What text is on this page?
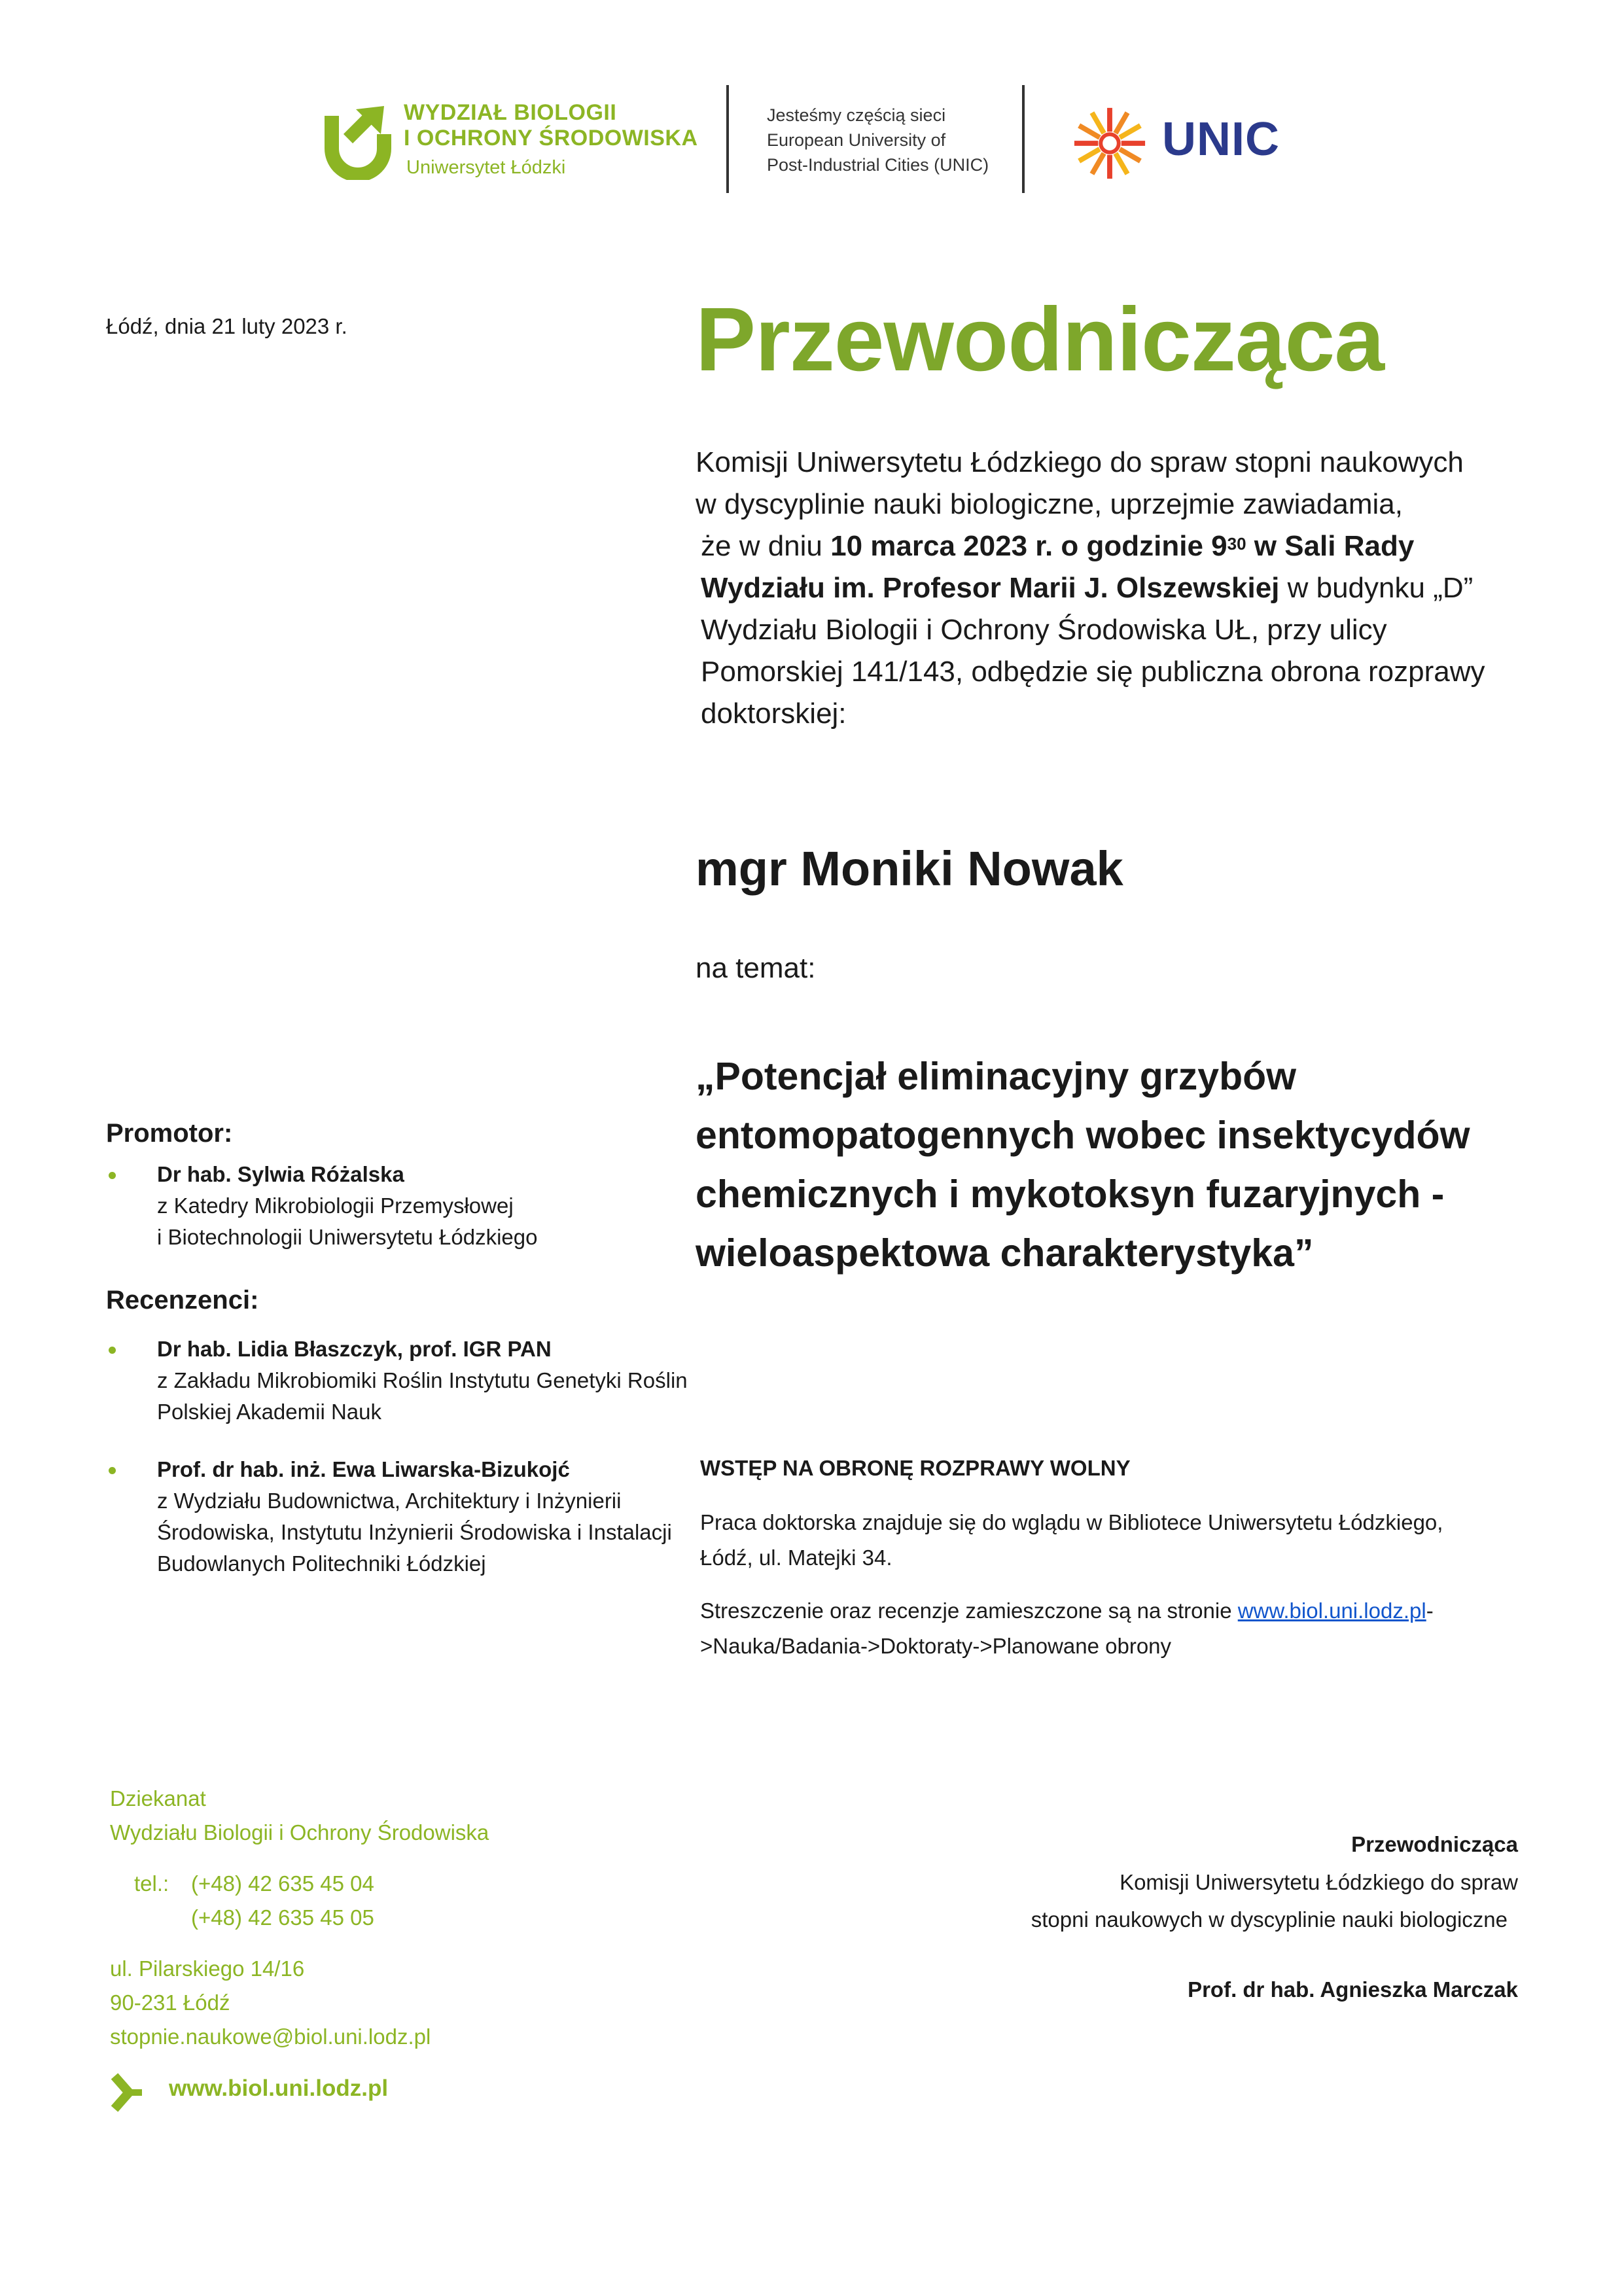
WYDZIAŁ BIOLOGII
I OCHRONY ŚRODOWISKA
Uniwersytet Łódzki
Jesteśmy częścią sieci
European University of
Post-Industrial Cities (UNIC)	UNIC
Łódź, dnia 21 luty 2023 r.	Przewodnicząca

Komisji Uniwersytetu Łódzkiego do spraw stopni naukowych

w dyscyplinie nauki biologiczne, uprzejmie zawiadamia,

że w dniu 10 marca 2023 r. o godzinie $9^{30}$ w Sali Rady

Wydziału im. Profesor Marii J. Olszewskiej w budynku „D”

Wydziału Biologii i Ochrony Środowiska UŁ, przy ulicy

Pomorskiej 141/143, odbędzie się publiczna obrona rozprawy

doktorskiej:

mgr Moniki Nowak
na temat:

„Potencjał eliminacyjny grzybów

entomopatogennych wobec insektycydów

chemicznych i mykotoksyn fuzaryjnych -

wieloaspektowa charakterystyka”

Promotor:

Dr hab. Sylwia Różalska

z Katedry Mikrobiologii Przemysłowej

i Biotechnologii Uniwersytetu Łódzkiego

Recenzenci:

Dr hab. Lidia Błaszczyk, prof. IGR PAN

z Zakładu Mikrobiomiki Roślin Instytutu Genetyki Roślin

Polskiej Akademii Nauk

Prof. dr hab. inż. Ewa Liwarska-Bizukojć

z Wydziału Budownictwa, Architektury i Inżynierii

Środowiska, Instytutu Inżynierii Środowiska i Instalacji

Budowlanych Politechniki Łódzkiej

WSTĘP NA OBRONĘ ROZPRAWY WOLNY

Praca doktorska znajduje się do wglądu w Bibliotece Uniwersytetu Łódzkiego,

Łódź, ul. Matejki 34.

Streszczenie oraz recenzje zamieszczone są na stronie www.biol.uni.lodz.pl-

>Nauka/Badania->Doktoraty->Planowane obrony

Dziekanat
Wydziału Biologii i Ochrony Środowiska
tel.: (+48) 42 635 45 04
(+48) 42 635 45 05
ul. Pilarskiego 14/16
90-231 Łódź
stopnie.naukowe@biol.uni.lodz.pl
www.biol.uni.lodz.pl
Przewodnicząca
Komisji Uniwersytetu Łódzkiego do spraw
stopni naukowych w dyscyplinie nauki biologiczne
Prof. dr hab. Agnieszka Marczak
